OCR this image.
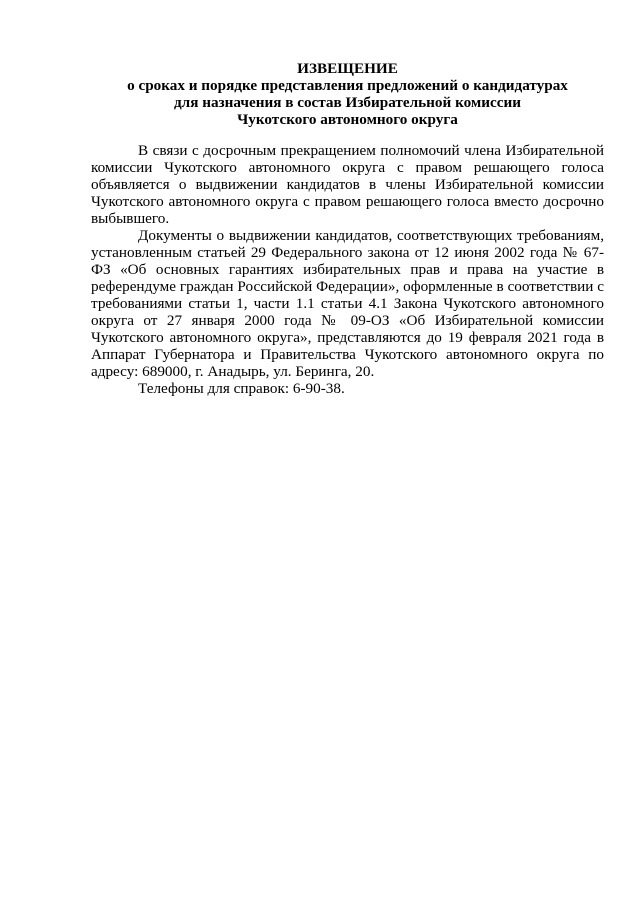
ИЗВЕЩЕНИЕ
о сроках и порядке представления предложений о кандидатурах
для назначения в состав Избирательной комиссии
Чукотского автономного округа

В связи с досрочным прекращением полномочий члена Избирательной комиссии Чукотского автономного округа с правом решающего голоса объявляется о выдвижении кандидатов в члены Избирательной комиссии Чукотского автономного округа с правом решающего голоса вместо досрочно выбывшего.

Документы о выдвижении кандидатов, соответствующих требованиям, установленным статьей 29 Федерального закона от 12 июня 2002 года № 67-ФЗ «Об основных гарантиях избирательных прав и права на участие в референдуме граждан Российской Федерации», оформленные в соответствии с требованиями статьи 1, части 1.1 статьи 4.1 Закона Чукотского автономного округа от 27 января 2000 года № 09-ОЗ «Об Избирательной комиссии Чукотского автономного округа», представляются до 19 февраля 2021 года в Аппарат Губернатора и Правительства Чукотского автономного округа по адресу: 689000, г. Анадырь, ул. Беринга, 20.

Телефоны для справок: 6-90-38.
